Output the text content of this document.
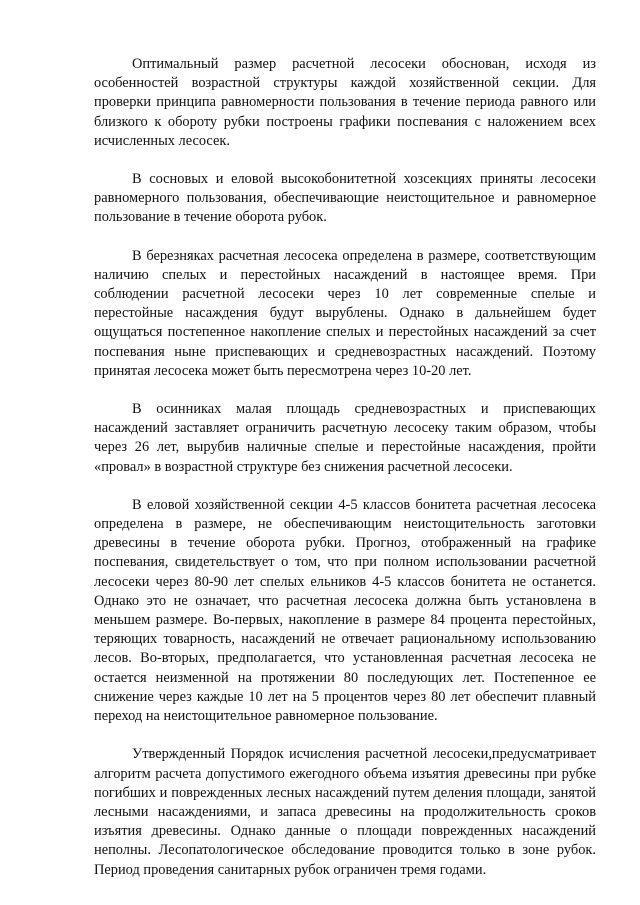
Оптимальный размер расчетной лесосеки обоснован, исходя из особенностей возрастной структуры каждой хозяйственной секции. Для проверки принципа равномерности пользования в течение периода равного или близкого к обороту рубки построены графики поспевания с наложением всех исчисленных лесосек.

В сосновых и еловой высокобонитетной хозсекциях приняты лесосеки равномерного пользования, обеспечивающие неистощительное и равномерное пользование в течение оборота рубок.

В березняках расчетная лесосека определена в размере, соответствующим наличию спелых и перестойных насаждений в настоящее время. При соблюдении расчетной лесосеки через 10 лет современные спелые и перестойные насаждения будут вырублены. Однако в дальнейшем будет ощущаться постепенное накопление спелых и перестойных насаждений за счет поспевания ныне приспевающих и средневозрастных насаждений. Поэтому принятая лесосека может быть пересмотрена через 10-20 лет.

В осинниках малая площадь средневозрастных и приспевающих насаждений заставляет ограничить расчетную лесосеку таким образом, чтобы через 26 лет, вырубив наличные спелые и перестойные насаждения, пройти «провал» в возрастной структуре без снижения расчетной лесосеки.

В еловой хозяйственной секции 4-5 классов бонитета расчетная лесосека определена в размере, не обеспечивающим неистощительность заготовки древесины в течение оборота рубки. Прогноз, отображенный на графике поспевания, свидетельствует о том, что при полном использовании расчетной лесосеки через 80-90 лет спелых ельников 4-5 классов бонитета не останется. Однако это не означает, что расчетная лесосека должна быть установлена в меньшем размере. Во-первых, накопление в размере 84 процента перестойных, теряющих товарность, насаждений не отвечает рациональному использованию лесов. Во-вторых, предполагается, что установленная расчетная лесосека не остается неизменной на протяжении 80 последующих лет. Постепенное ее снижение через каждые 10 лет на 5 процентов через 80 лет обеспечит плавный переход на неистощительное равномерное пользование.

Утвержденный Порядок исчисления расчетной лесосеки,предусматривает алгоритм расчета допустимого ежегодного объема изъятия древесины при рубке погибших и поврежденных лесных насаждений путем деления площади, занятой лесными насаждениями, и запаса древесины на продолжительность сроков изъятия древесины. Однако данные о площади поврежденных насаждений неполны. Лесопатологическое обследование проводится только в зоне рубок. Период проведения санитарных рубок ограничен тремя годами.
